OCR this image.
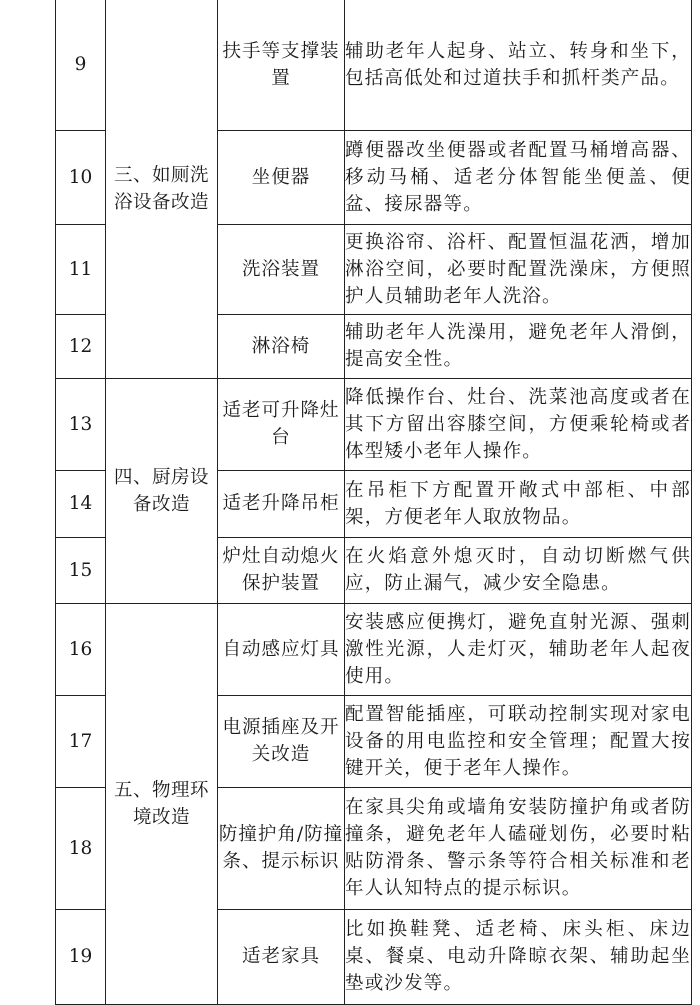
9	三、如厕洗浴设备改造	扶手等支撑装置	辅助老年人起身、站立、转身和坐下，包括高低处和过道扶手和抓杆类产品。
10		坐便器	蹲便器改坐便器或者配置马桶增高器、移动马桶、适老分体智能坐便盖、便盆、接尿器等。
11		洗浴装置	更换浴帘、浴杆、配置恒温花洒，增加淋浴空间，必要时配置洗澡床，方便照护人员辅助老年人洗浴。
12		淋浴椅	辅助老年人洗澡用，避免老年人滑倒，提高安全性。
13	四、厨房设备改造	适老可升降灶台	降低操作台、灶台、洗菜池高度或者在其下方留出容膝空间，方便乘轮椅或者体型矮小老年人操作。
14		适老升降吊柜	在吊柜下方配置开敞式中部柜、中部架，方便老年人取放物品。
15		炉灶自动熄火保护装置	在火焰意外熄灭时，自动切断燃气供应，防止漏气，减少安全隐患。
16	五、物理环境改造	自动感应灯具	安装感应便携灯，避免直射光源、强刺激性光源，人走灯灭，辅助老年人起夜使用。
17		电源插座及开关改造	配置智能插座，可联动控制实现对家电设备的用电监控和安全管理；配置大按键开关，便于老年人操作。
18		防撞护角/防撞条、提示标识	在家具尖角或墙角安装防撞护角或者防撞条，避免老年人磕碰划伤，必要时粘贴防滑条、警示条等符合相关标准和老年人认知特点的提示标识。
19		适老家具	比如换鞋凳、适老椅、床头柜、床边桌、餐桌、电动升降晾衣架、辅助起坐垫或沙发等。
